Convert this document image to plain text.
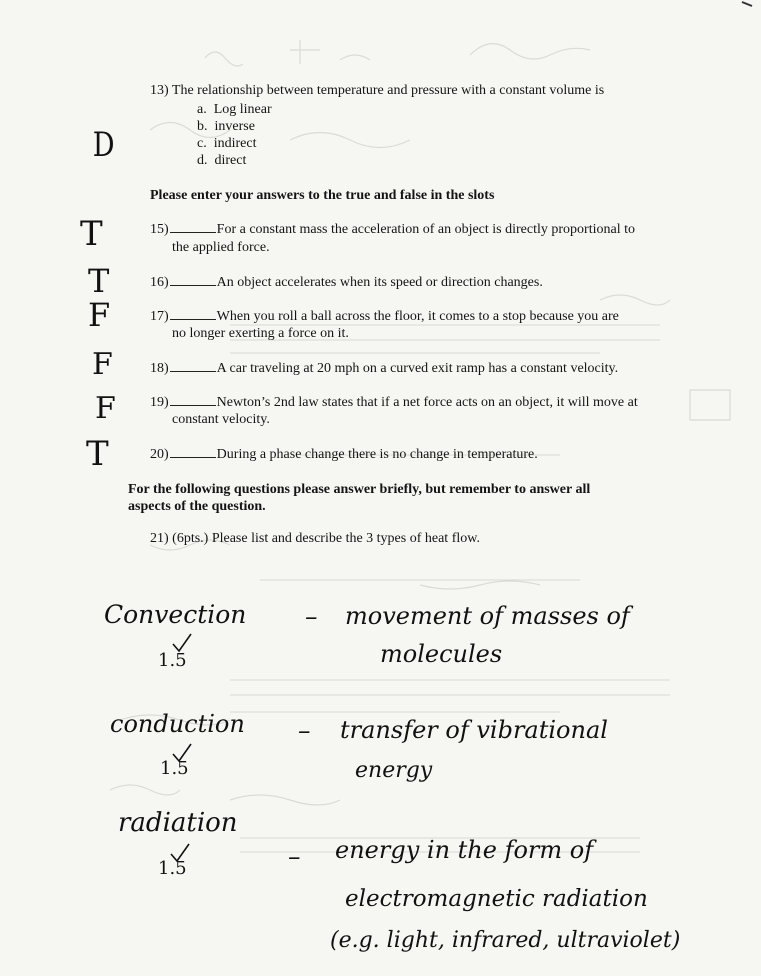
13) The relationship between temperature and pressure with a constant volume is
a.  Log linear
b.  inverse
c.  indirect
d.  direct
D
Please enter your answers to the true and false in the slots
15)	For a constant mass the acceleration of an object is directly proportional to
the applied force.
T
16)	An object accelerates when its speed or direction changes.
T
17)	When you roll a ball across the floor, it comes to a stop because you are
no longer exerting a force on it.
F
18)	A car traveling at 20 mph on a curved exit ramp has a constant velocity.
F
19)	Newton’s 2nd law states that if a net force acts on an object, it will move at
constant velocity.
F
20)	During a phase change there is no change in temperature.
T
For the following questions please answer briefly, but remember to answer all
aspects of the question.
21) (6pts.) Please list and describe the 3 types of heat flow.
Convection – movement of masses of
molecules
1.5
conduction – transfer of vibrational
energy
1.5
radiation
– energy in the form of
electromagnetic radiation
(e.g. light, infrared, ultraviolet)
1.5
